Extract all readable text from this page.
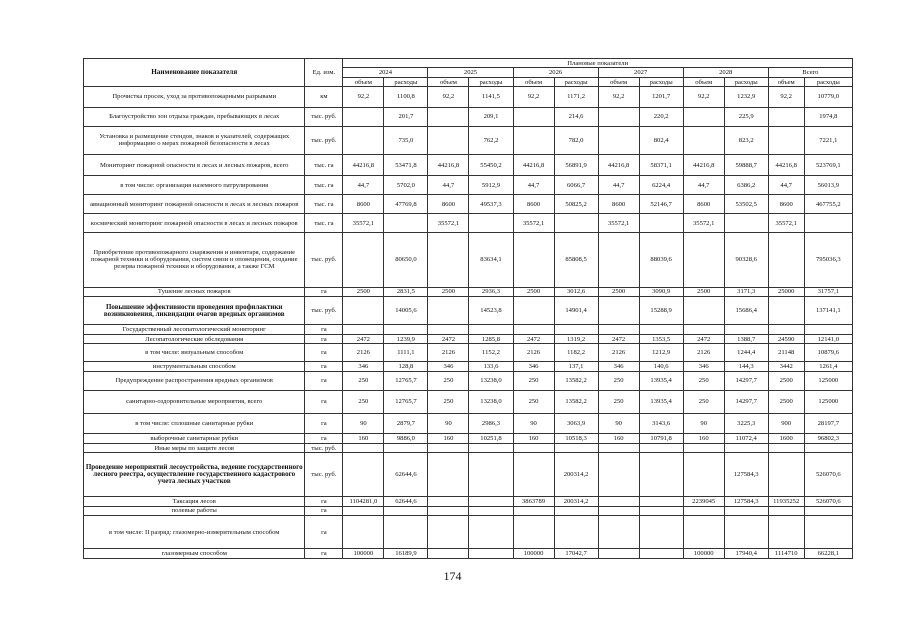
Наименование показателя	Ед. изм.	Плановые показатели											
		2024		2025		2026		2027		2028		Всего	
		объем	расходы	объем	расходы	объем	расходы	объем	расходы	объем	расходы	объем	расходы
Прочистка просек, уход за противопожарными разрывами	км	92,2	1100,8	92,2	1141,5	92,2	1171,2	92,2	1201,7	92,2	1232,9	92,2	10779,0
Благоустройство зон отдыха граждан, пребывающих в лесах	тыс. руб.		201,7		209,1		214,6		220,2		225,9		1974,8
Установка и размещение стендов, знаков и указателей, содержащих информацию о мерах пожарной безопасности в лесах	тыс. руб.		735,0		762,2		782,0		802,4		823,2		7221,1
Мониторинг пожарной опасности в лесах и лесных пожаров, всего	тыс. га	44216,8	53471,8	44216,8	55450,2	44216,8	56891,9	44216,8	58371,1	44216,8	59888,7	44216,8	523769,1
в том числе: организация наземного патрулирования	тыс. га	44,7	5702,0	44,7	5912,9	44,7	6066,7	44,7	6224,4	44,7	6386,2	44,7	56013,9
авиационный мониторинг пожарной опасности в лесах и лесных пожаров	тыс. га	8600	47769,8	8600	49537,3	8600	50825,2	8600	52146,7	8600	53502,5	8600	467755,2
космический мониторинг пожарной опасности в лесах и лесных пожаров	тыс. га	35572,1		35572,1		35572,1		35572,1		35572,1		35572,1	
Приобретение противопожарного снаряжения и инвентаря, содержание пожарной техники и оборудования, систем связи и оповещения, создание резерва пожарной техники и оборудования, а также ГСМ	тыс. руб.		80650,0		83634,1		85808,5		88039,6		90328,6		795036,3
Тушение лесных пожаров	га	2500	2831,5	2500	2936,3	2500	3012,6	2500	3090,9	2500	3171,3	25000	31757,1
Повышение эффективности проведения профилактики возникновения, ликвидации очагов вредных организмов	тыс. руб.		14005,6		14523,8		14901,4		15288,9		15686,4		137141,1
Государственный лесопатологический мониторинг	га												
Лесопатологические обследования	га	2472	1239,9	2472	1285,8	2472	1319,2	2472	1353,5	2472	1388,7	24590	12141,0
в том числе: визуальным способом	га	2126	1111,1	2126	1152,2	2126	1182,2	2126	1212,9	2126	1244,4	21148	10879,6
инструментальным способом	га	346	128,8	346	133,6	346	137,1	346	140,6	346	144,3	3442	1261,4
Предупреждение распространения вредных организмов	га	250	12765,7	250	13238,0	250	13582,2	250	13935,4	250	14297,7	2500	125000
санитарно-оздоровительные мероприятия, всего	га	250	12765,7	250	13238,0	250	13582,2	250	13935,4	250	14297,7	2500	125000
в том числе: сплошные санитарные рубки	га	90	2879,7	90	2986,3	90	3063,9	90	3143,6	90	3225,3	900	28197,7
выборочные санитарные рубки	га	160	9886,0	160	10251,8	160	10518,3	160	10791,8	160	11072,4	1600	96802,3
Иные меры по защите лесов	тыс. руб.												
Проведение мероприятий лесоустройства, ведение государственного лесного реестра, осуществление государственного кадастрового учета лесных участков	тыс. руб.		62644,6				200314,2				127584,3		526070,6
Таксация лесов	га	1104281,0	62644,6			3863789	200314,2			2239045	127584,3	11935252	526070,6
полевые работы	га												
в том числе: II разряд: глазомерно-измерительным способом	га												
глазомерным способом	га	100000	16189,9			100000	17042,7			100000	17940,4	1114710	66228,1
174
